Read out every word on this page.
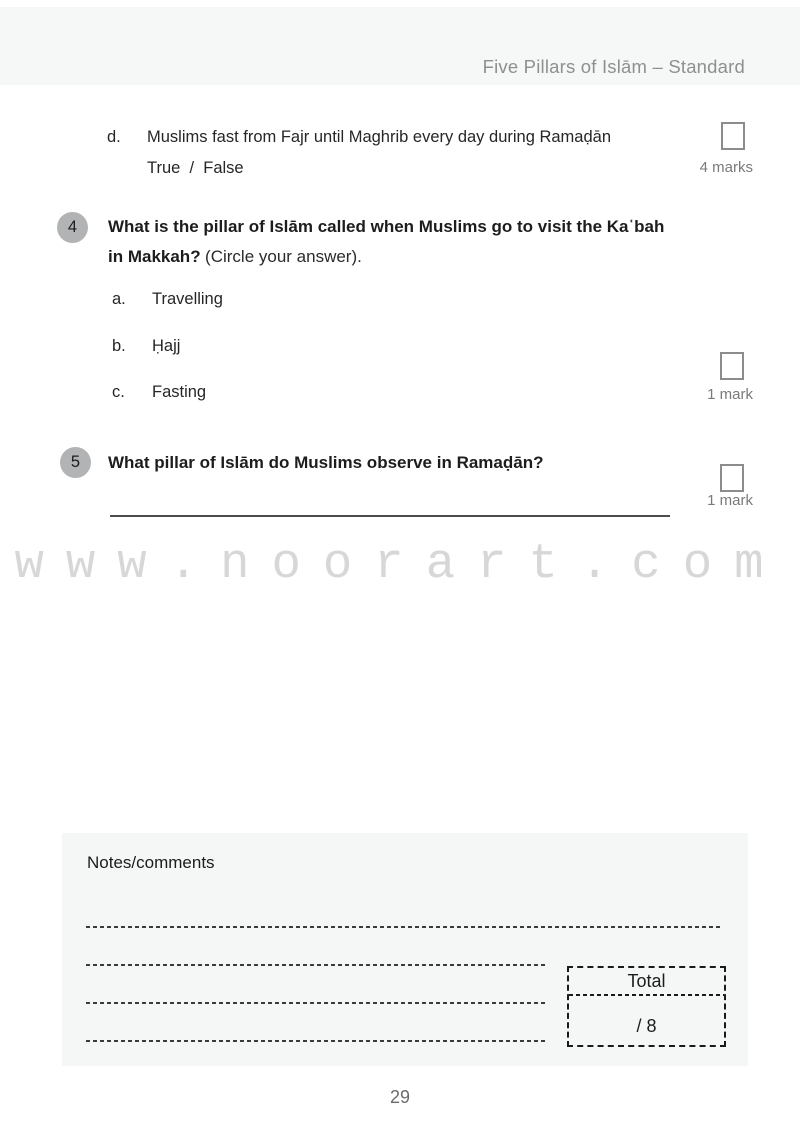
Five Pillars of Islām – Standard
d. Muslims fast from Fajr until Maghrib every day during Ramaḍān
True  /  False	4 marks
4 What is the pillar of Islām called when Muslims go to visit the Kaʿbah
in Makkah? (Circle your answer).
a. Travelling
b. Ḥajj
c. Fasting	1 mark
5 What pillar of Islām do Muslims observe in Ramaḍān?
1 mark
www.noorart.com
Notes/comments
Total
/ 8
29
